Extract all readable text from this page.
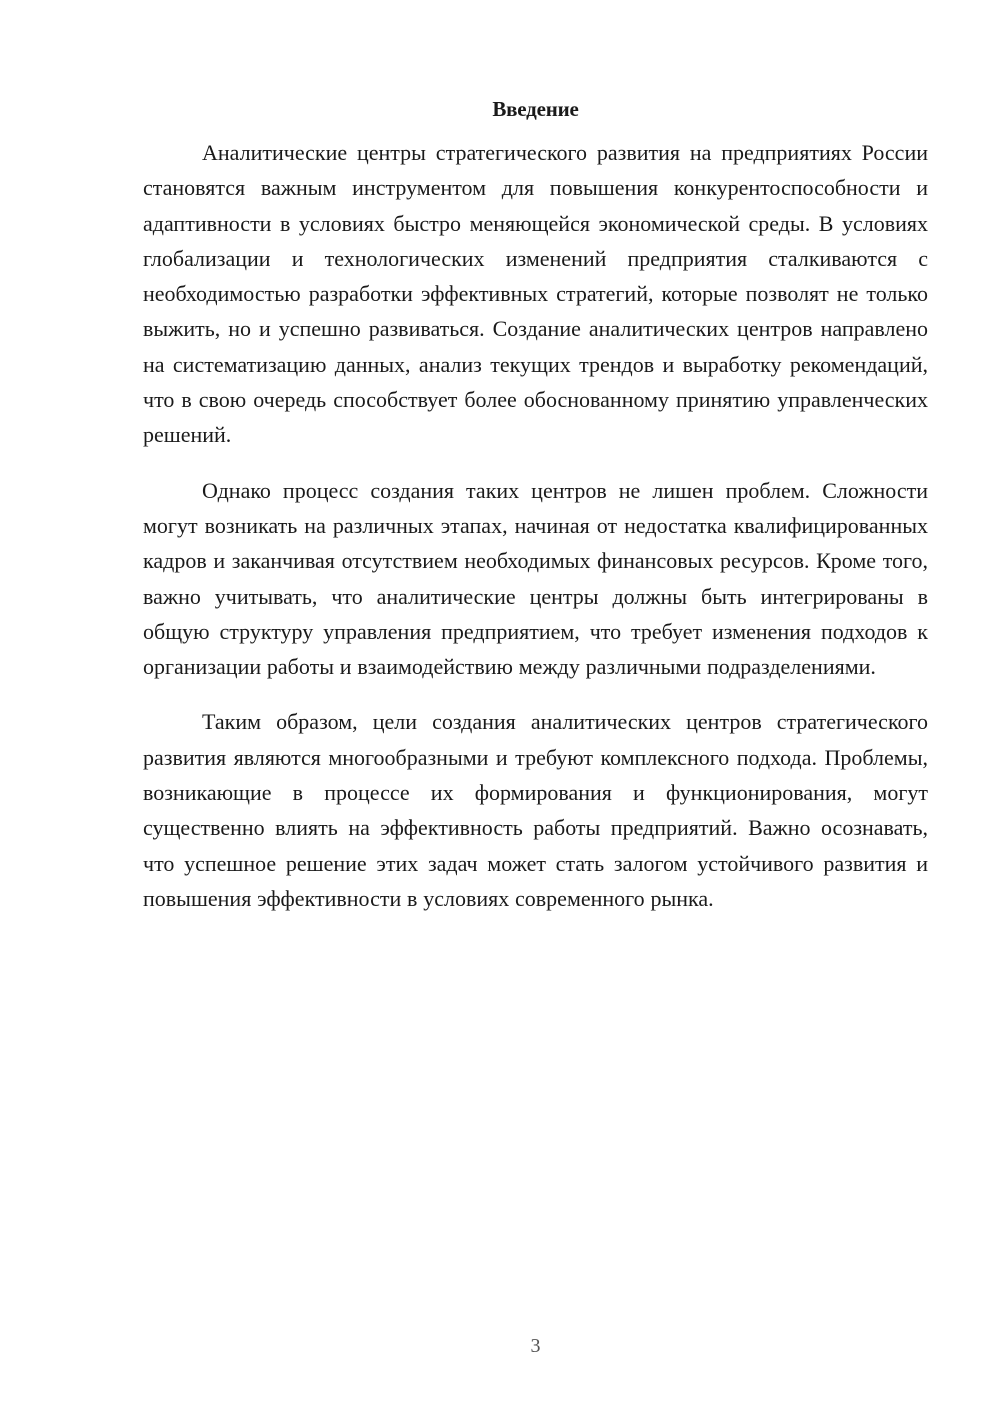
Введение

Аналитические центры стратегического развития на предприятиях России становятся важным инструментом для повышения конкурентоспособности и адаптивности в условиях быстро меняющейся экономической среды. В условиях глобализации и технологических изменений предприятия сталкиваются с необходимостью разработки эффективных стратегий, которые позволят не только выжить, но и успешно развиваться. Создание аналитических центров направлено на систематизацию данных, анализ текущих трендов и выработку рекомендаций, что в свою очередь способствует более обоснованному принятию управленческих решений.

Однако процесс создания таких центров не лишен проблем. Сложности могут возникать на различных этапах, начиная от недостатка квалифицированных кадров и заканчивая отсутствием необходимых финансовых ресурсов. Кроме того, важно учитывать, что аналитические центры должны быть интегрированы в общую структуру управления предприятием, что требует изменения подходов к организации работы и взаимодействию между различными подразделениями.

Таким образом, цели создания аналитических центров стратегического развития являются многообразными и требуют комплексного подхода. Проблемы, возникающие в процессе их формирования и функционирования, могут существенно влиять на эффективность работы предприятий. Важно осознавать, что успешное решение этих задач может стать залогом устойчивого развития и повышения эффективности в условиях современного рынка.

3
